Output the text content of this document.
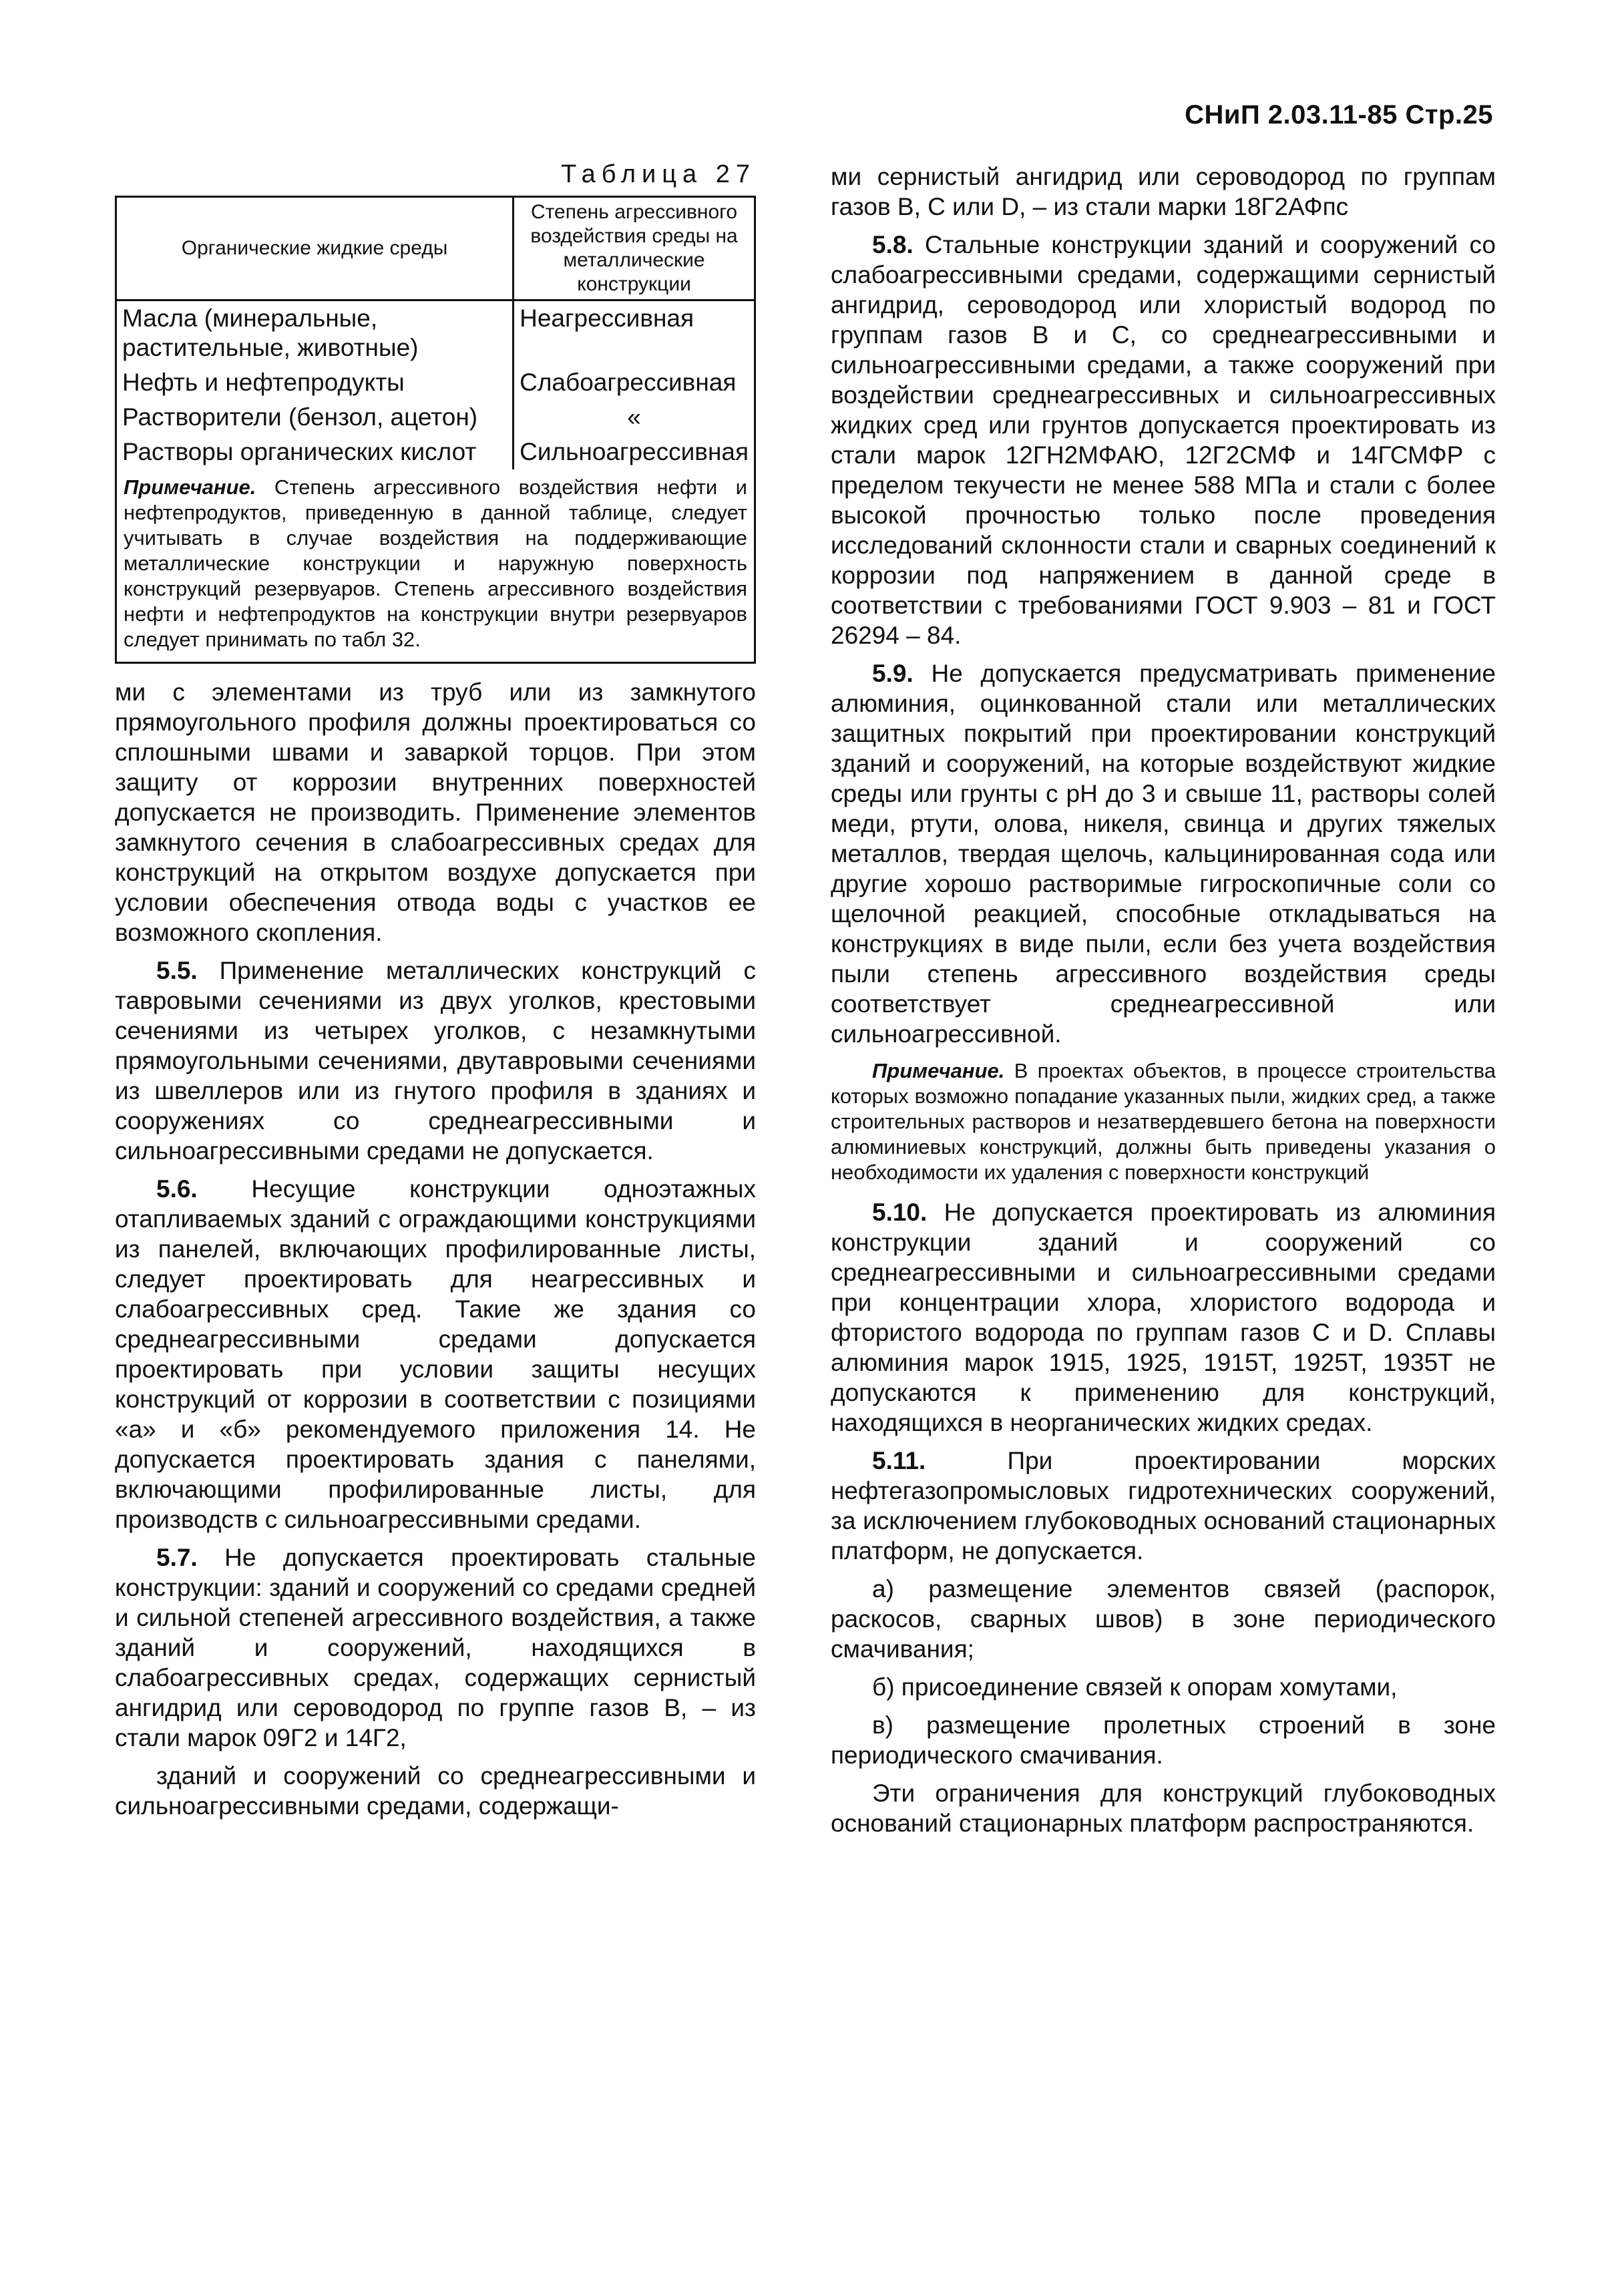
СНиП 2.03.11-85 Стр.25
Таблица 27
Органические жидкие среды	Степень агрессивного воздействия среды на металлические конструкции
Масла (минеральные, растительные, животные)	Неагрессивная
Нефть и нефтепродукты	Слабоагрессивная
Растворители (бензол, ацетон)	«

Растворы органических кислот	Сильноагрессивная
Примечание. Степень агрессивного воздействия нефти и нефтепродуктов, приведенную в данной таблице, следует учитывать в случае воздействия на поддерживающие металлические конструкции и наружную поверхность конструкций резервуаров. Степень агрессивного воздействия нефти и нефтепродуктов на конструкции внутри резервуаров следует принимать по табл 32.

ми с элементами из труб или из замкнутого прямоугольного профиля должны проектироваться со сплошными швами и заваркой торцов. При этом защиту от коррозии внутренних поверхностей допускается не производить. Применение элементов замкнутого сечения в слабоагрессивных средах для конструкций на открытом воздухе допускается при условии обеспечения отвода воды с участков ее возможного скопления.

5.5. Применение металлических конструкций с тавровыми сечениями из двух уголков, крестовыми сечениями из четырех уголков, с незамкнутыми прямоугольными сечениями, двутавровыми сечениями из швеллеров или из гнутого профиля в зданиях и сооружениях со среднеагрессивными и сильноагрессивными средами не допускается.

5.6. Несущие конструкции одноэтажных отапливаемых зданий с ограждающими конструкциями из панелей, включающих профилированные листы, следует проектировать для неагрессивных и слабоагрессивных сред. Такие же здания со среднеагрессивными средами допускается проектировать при условии защиты несущих конструкций от коррозии в соответствии с позициями «а» и «б» рекомендуемого приложения 14. Не допускается проектировать здания с панелями, включающими профилированные листы, для производств с сильноагрессивными средами.

5.7. Не допускается проектировать стальные конструкции: зданий и сооружений со средами средней и сильной степеней агрессивного воздействия, а также зданий и сооружений, находящихся в слабоагрессивных средах, содержащих сернистый ангидрид или сероводород по группе газов В, – из стали марок 09Г2 и 14Г2,

зданий и сооружений со среднеагрессивными и сильноагрессивными средами, содержащи-

ми сернистый ангидрид или сероводород по группам газов В, С или D, – из стали марки 18Г2АФпс

5.8. Стальные конструкции зданий и сооружений со слабоагрессивными средами, содержащими сернистый ангидрид, сероводород или хлористый водород по группам газов В и С, со среднеагрессивными и сильноагрессивными средами, а также сооружений при воздействии среднеагрессивных и сильноагрессивных жидких сред или грунтов допускается проектировать из стали марок 12ГН2МФАЮ, 12Г2СМФ и 14ГСМФР с пределом текучести не менее 588 МПа и стали с более высокой прочностью только после проведения исследований склонности стали и сварных соединений к коррозии под напряжением в данной среде в соответствии с требованиями ГОСТ 9.903 – 81 и ГОСТ 26294 – 84.

5.9. Не допускается предусматривать применение алюминия, оцинкованной стали или металлических защитных покрытий при проектировании конструкций зданий и сооружений, на которые воздействуют жидкие среды или грунты с pH до 3 и свыше 11, растворы солей меди, ртути, олова, никеля, свинца и других тяжелых металлов, твердая щелочь, кальцинированная сода или другие хорошо растворимые гигроскопичные соли со щелочной реакцией, способные откладываться на конструкциях в виде пыли, если без учета воздействия пыли степень агрессивного воздействия среды соответствует среднеагрессивной или сильноагрессивной.

Примечание. В проектах объектов, в процессе строительства которых возможно попадание указанных пыли, жидких сред, а также строительных растворов и незатвердевшего бетона на поверхности алюминиевых конструкций, должны быть приведены указания о необходимости их удаления с поверхности конструкций

5.10. Не допускается проектировать из алюминия конструкции зданий и сооружений со среднеагрессивными и сильноагрессивными средами при концентрации хлора, хлористого водорода и фтористого водорода по группам газов С и D. Сплавы алюминия марок 1915, 1925, 1915Т, 1925Т, 1935Т не допускаются к применению для конструкций, находящихся в неорганических жидких средах.

5.11.	При проектировании морских нефтегазопромысловых гидротехнических сооружений, за исключением глубоководных оснований стационарных платформ, не допускается.

а) размещение элементов связей (распорок, раскосов, сварных швов) в зоне периодического смачивания;

б) присоединение связей к опорам хомутами,

в) размещение пролетных строений в зоне периодического смачивания.

Эти ограничения для конструкций глубоководных оснований стационарных платформ распространяются.
